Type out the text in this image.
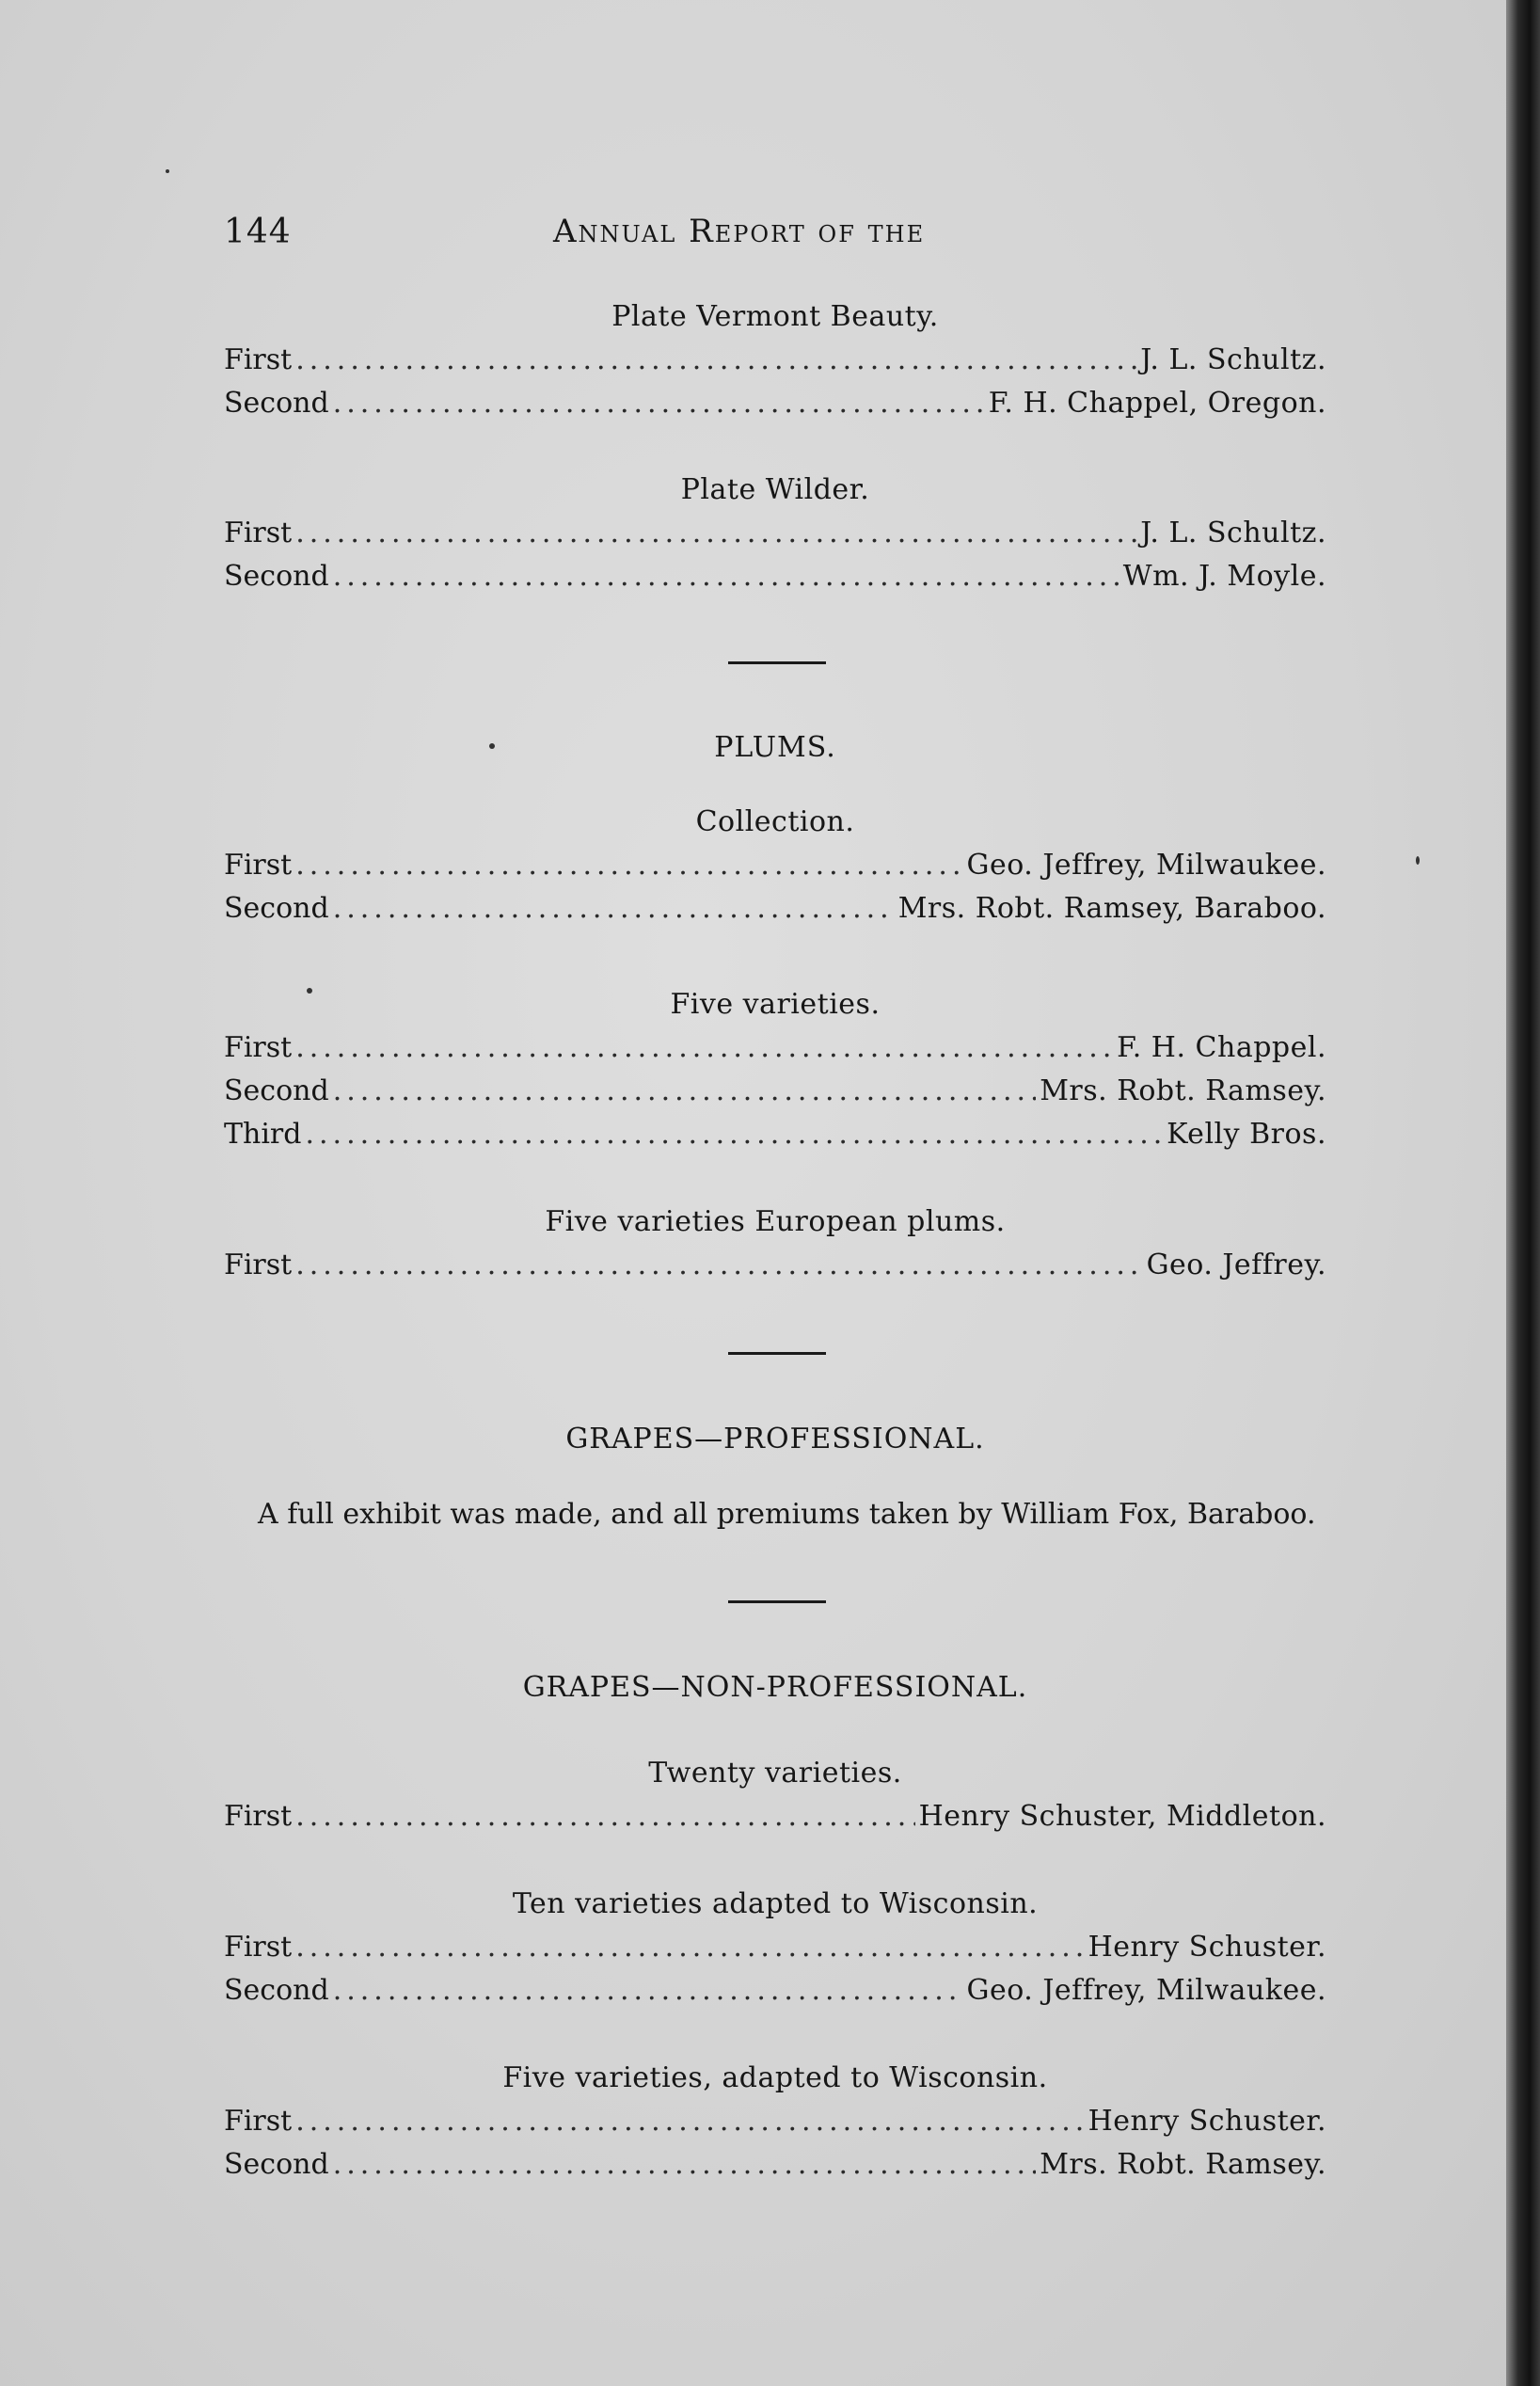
144	Annual Report of the
Plate Vermont Beauty.
First .....	J. L. Schultz.
Second .....	F. H. Chappel, Oregon.
Plate Wilder.
First .....	J. L. Schultz.
Second .....	Wm. J. Moyle.
PLUMS.
Collection.
First .....	Geo. Jeffrey, Milwaukee.
Second .....	Mrs. Robt. Ramsey, Baraboo.
Five varieties.
First .....	F. H. Chappel.
Second .....	Mrs. Robt. Ramsey.
Third .....	Kelly Bros.
Five varieties European plums.
First .....	Geo. Jeffrey.
GRAPES—PROFESSIONAL.
A full exhibit was made, and all premiums taken by William Fox, Baraboo.
GRAPES—NON-PROFESSIONAL.
Twenty varieties.
First .....	Henry Schuster, Middleton.
Ten varieties adapted to Wisconsin.
First .....	Henry Schuster.
Second .....	Geo. Jeffrey, Milwaukee.
Five varieties, adapted to Wisconsin.
First .....	Henry Schuster.
Second .....	Mrs. Robt. Ramsey.
